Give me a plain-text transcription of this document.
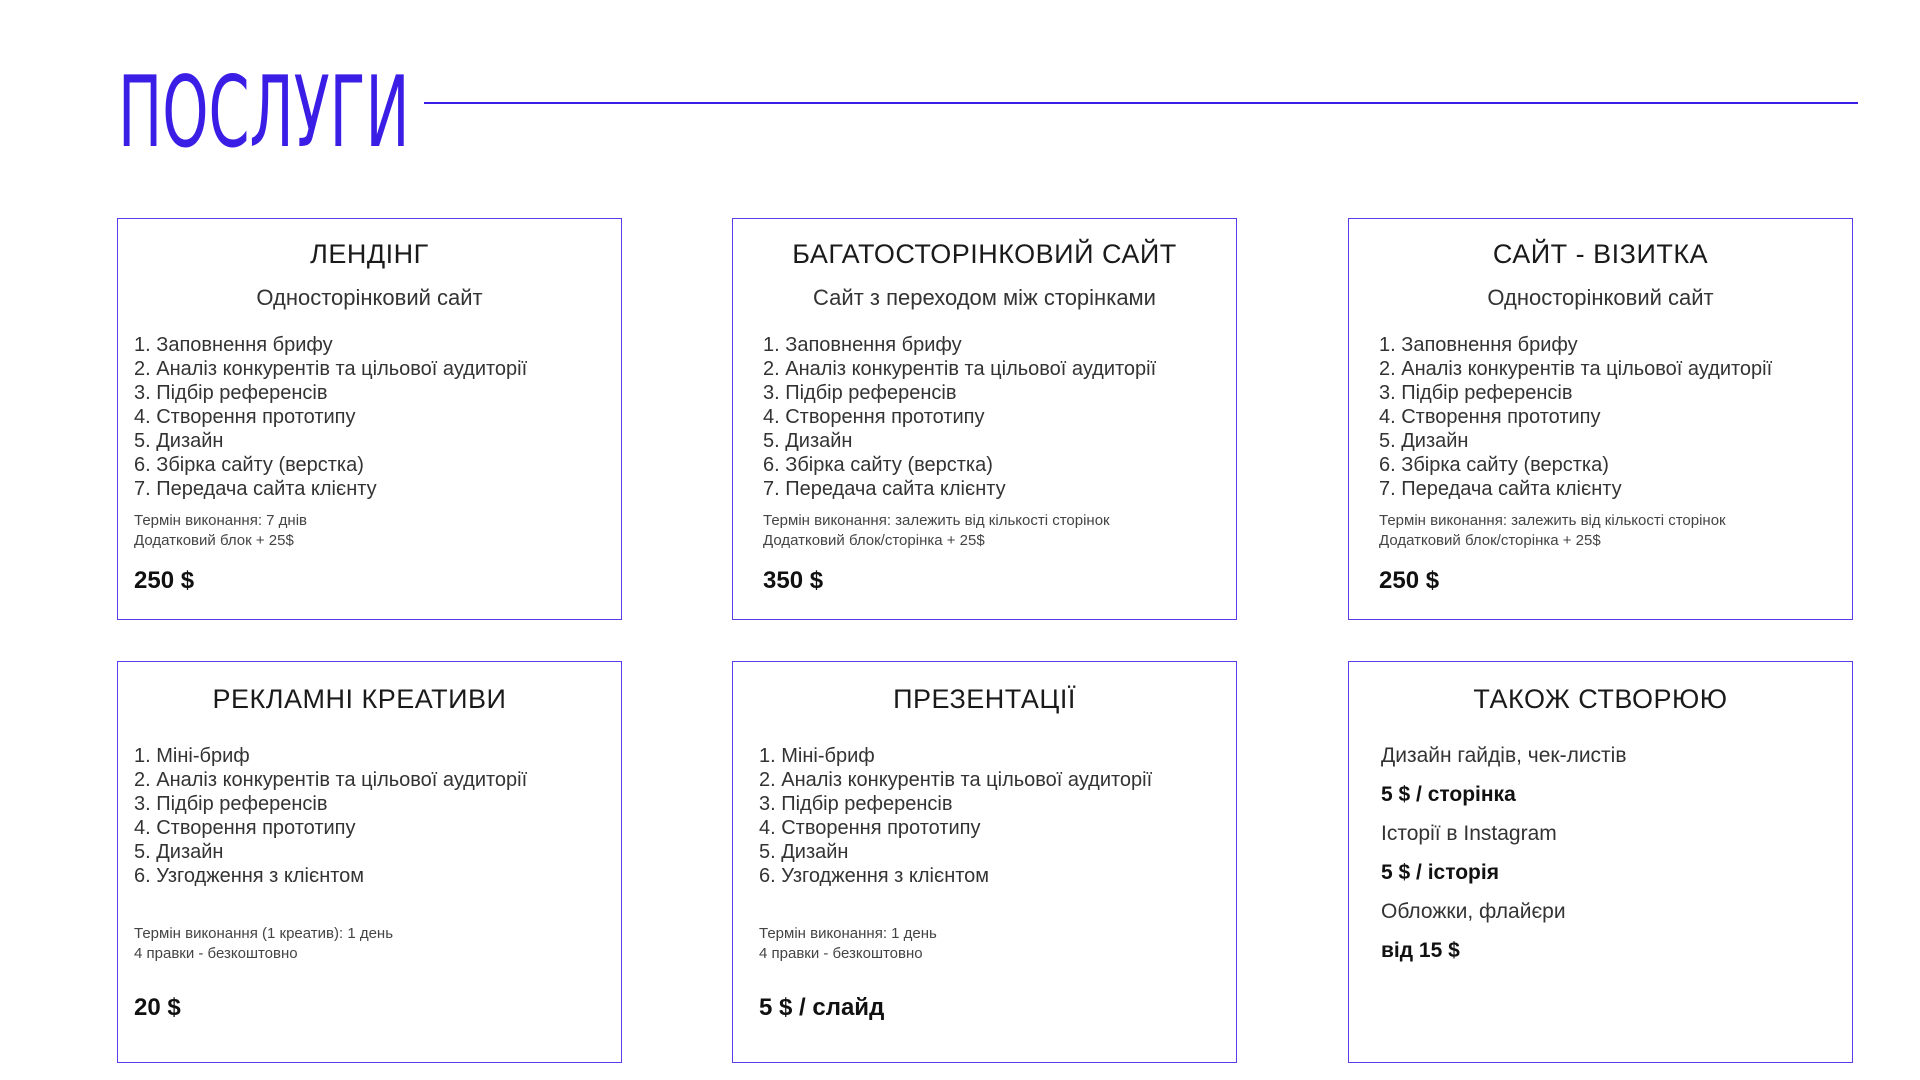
ПОСЛУГИ
ЛЕНДІНГ
Односторінковий сайт
1. Заповнення брифу
2. Аналіз конкурентів та цільової аудиторії
3. Підбір референсів
4. Створення прототипу
5. Дизайн
6. Збірка сайту (верстка)
7. Передача сайта клієнту
Термін виконання: 7 днів
Додатковий блок + 25$
250 $
БАГАТОСТОРІНКОВИЙ САЙТ
Сайт з переходом між сторінками
1. Заповнення брифу
2. Аналіз конкурентів та цільової аудиторії
3. Підбір референсів
4. Створення прототипу
5. Дизайн
6. Збірка сайту (верстка)
7. Передача сайта клієнту
Термін виконання: залежить від кількості сторінок
Додатковий блок/сторінка + 25$
350 $
САЙТ - ВІЗИТКА
Односторінковий сайт
1. Заповнення брифу
2. Аналіз конкурентів та цільової аудиторії
3. Підбір референсів
4. Створення прототипу
5. Дизайн
6. Збірка сайту (верстка)
7. Передача сайта клієнту
Термін виконання: залежить від кількості сторінок
Додатковий блок/сторінка + 25$
250 $
РЕКЛАМНІ КРЕАТИВИ
1. Міні-бриф
2. Аналіз конкурентів та цільової аудиторії
3. Підбір референсів
4. Створення прототипу
5. Дизайн
6. Узгодження з клієнтом
Термін виконання (1 креатив): 1 день
4 правки - безкоштовно
20 $
ПРЕЗЕНТАЦІЇ
1. Міні-бриф
2. Аналіз конкурентів та цільової аудиторії
3. Підбір референсів
4. Створення прототипу
5. Дизайн
6. Узгодження з клієнтом
Термін виконання: 1 день
4 правки - безкоштовно
5 $ / слайд
ТАКОЖ СТВОРЮЮ
Дизайн гайдів, чек-листів
5 $ / сторінка
Історії в Instagram
5 $ / історія
Обложки, флайєри
від 15 $
